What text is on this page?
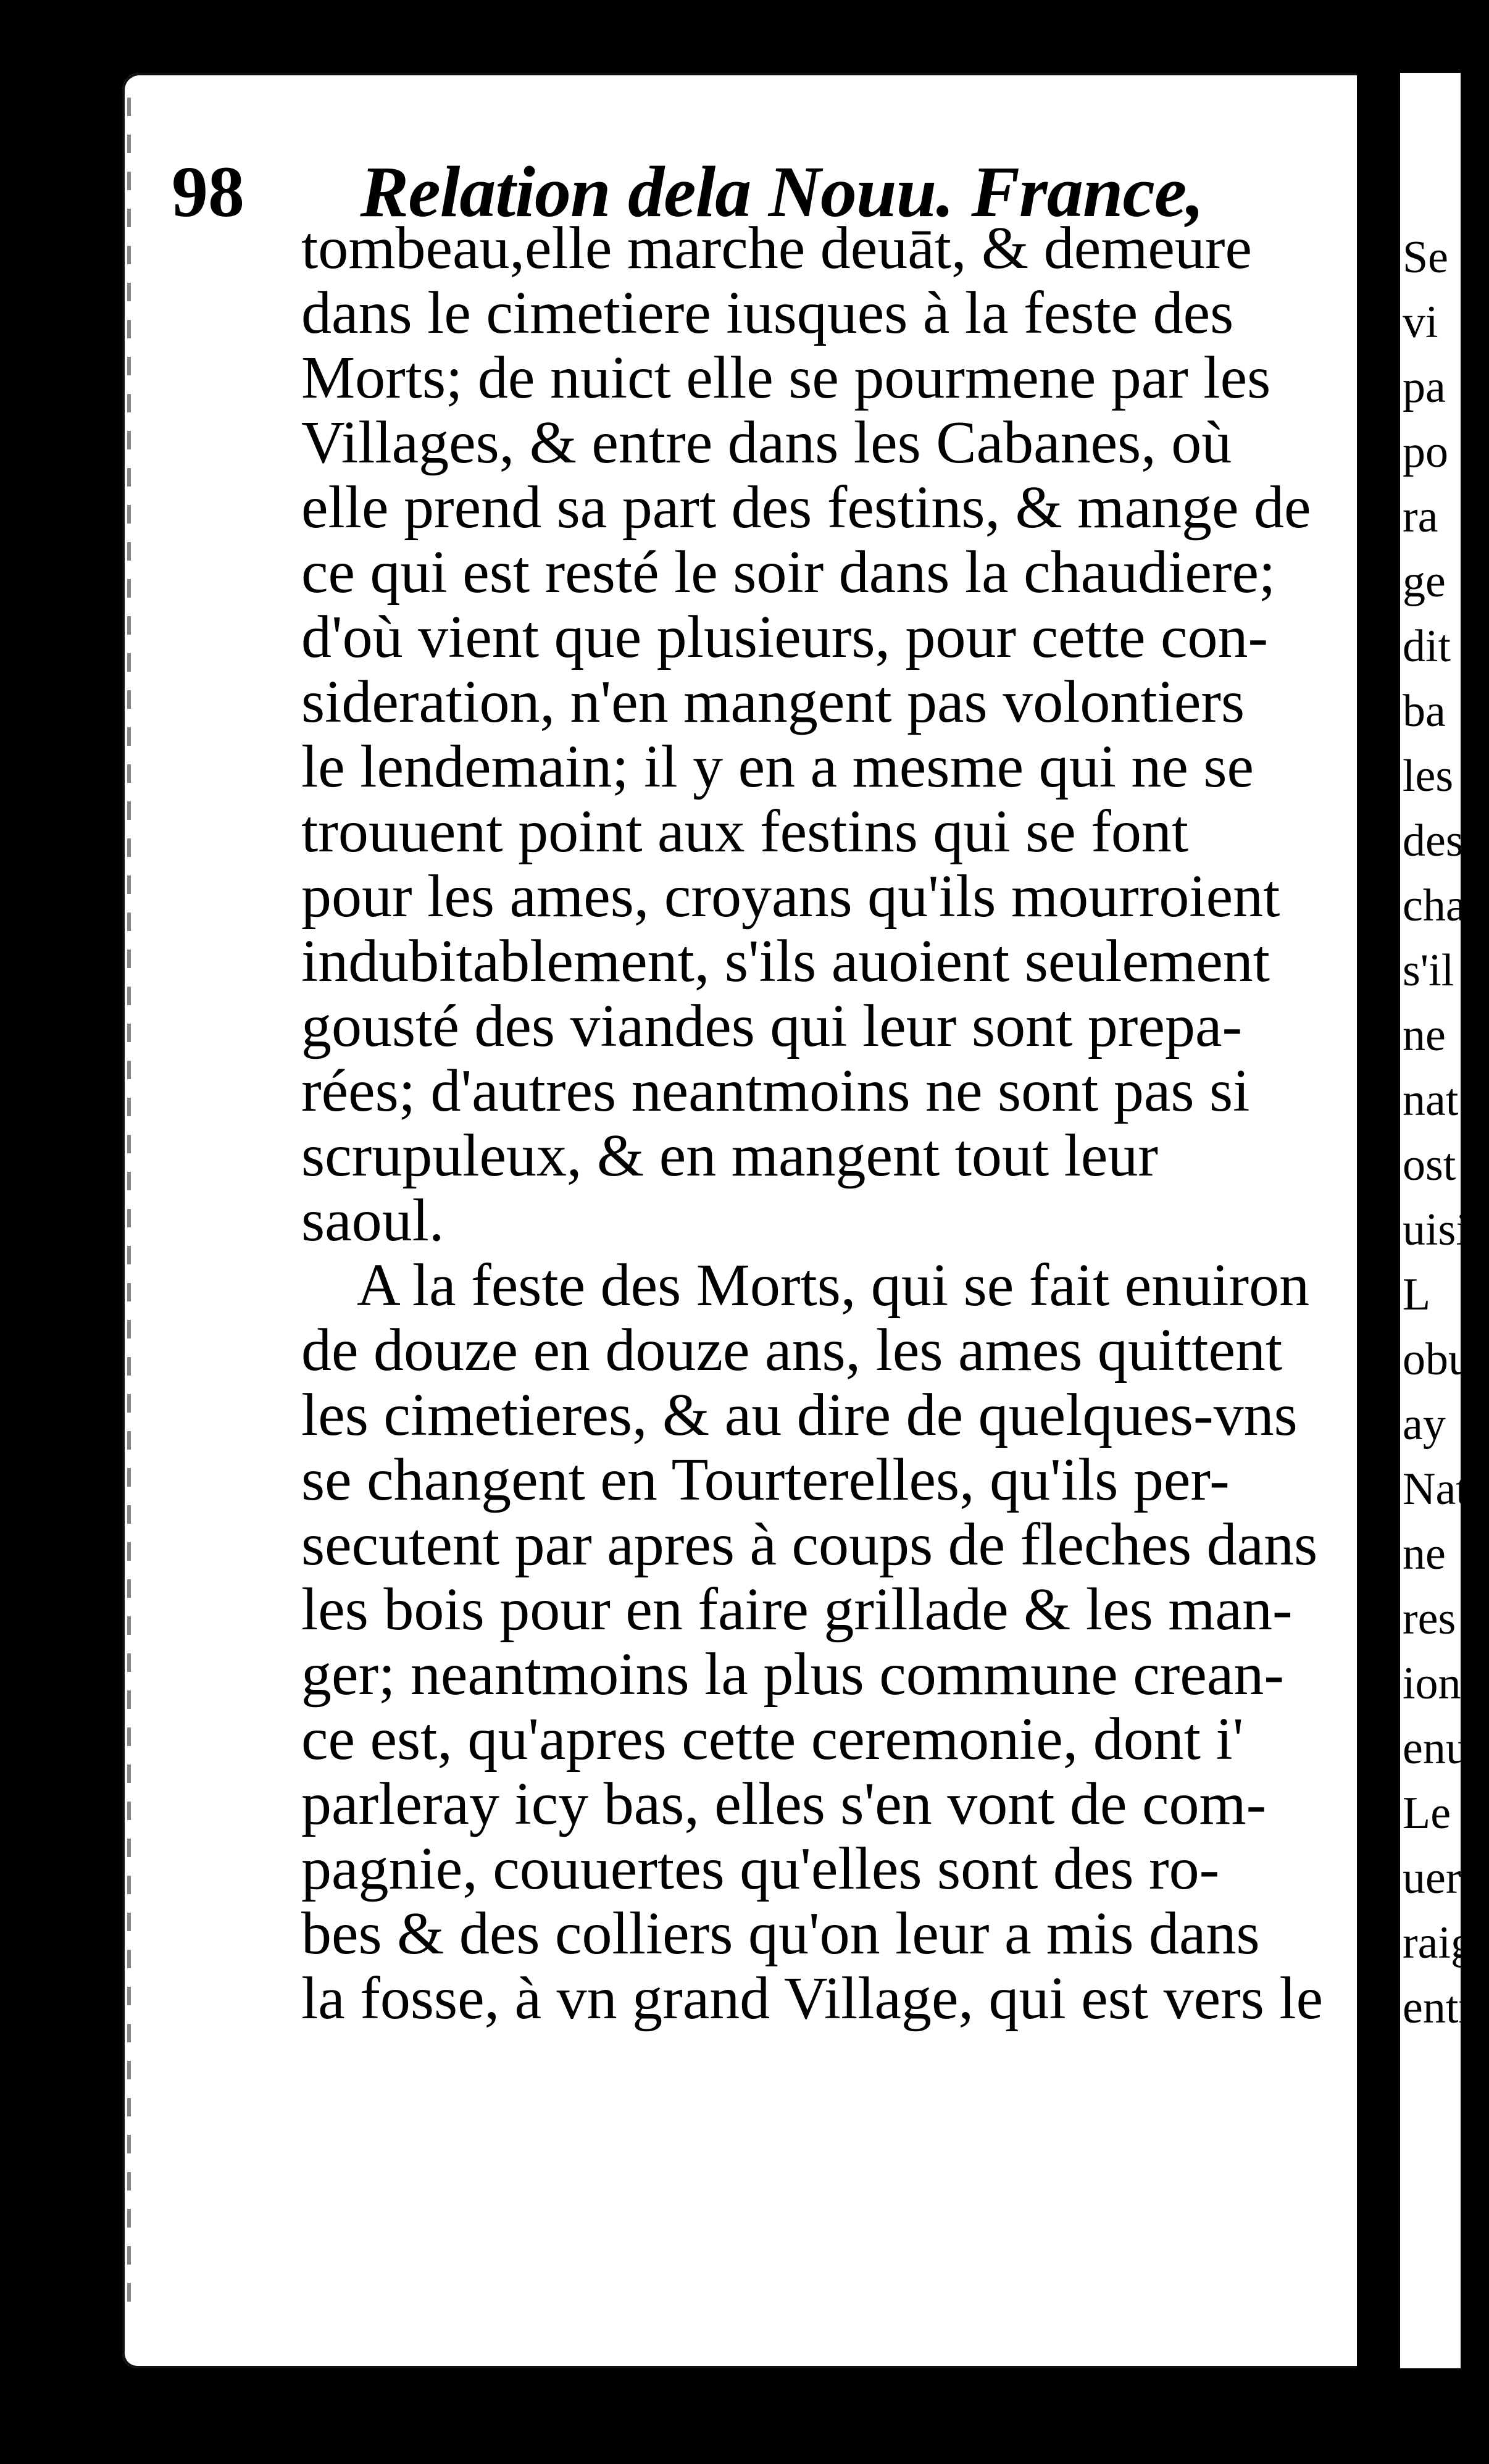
Se
vi
pa
po
ra
ge
dit
ba
les
des
cha
s'il
ne
nat
ost
uisie
L
obu
ay
Nat
ne
res
ion
enu
Le
uer
raig
entr
98 Relation dela Nouu. France,
tombeau,elle marche deuāt, & demeure
dans le cimetiere iusques à la feste des
Morts; de nuict elle se pourmene par les
Villages, & entre dans les Cabanes, où
elle prend sa part des festins, & mange de
ce qui est resté le soir dans la chaudiere;
d'où vient que plusieurs, pour cette con-
sideration, n'en mangent pas volontiers
le lendemain; il y en a mesme qui ne se
trouuent point aux festins qui se font
pour les ames, croyans qu'ils mourroient
indubitablement, s'ils auoient seulement
gousté des viandes qui leur sont prepa-
rées; d'autres neantmoins ne sont pas si
scrupuleux, & en mangent tout leur
saoul.
A la feste des Morts, qui se fait enuiron
de douze en douze ans, les ames quittent
les cimetieres, & au dire de quelques-vns
se changent en Tourterelles, qu'ils per-
secutent par apres à coups de fleches dans
les bois pour en faire grillade & les man-
ger; neantmoins la plus commune crean-
ce est, qu'apres cette ceremonie, dont i'
parleray icy bas, elles s'en vont de com-
pagnie, couuertes qu'elles sont des ro-
bes & des colliers qu'on leur a mis dans
la fosse, à vn grand Village, qui est vers le
